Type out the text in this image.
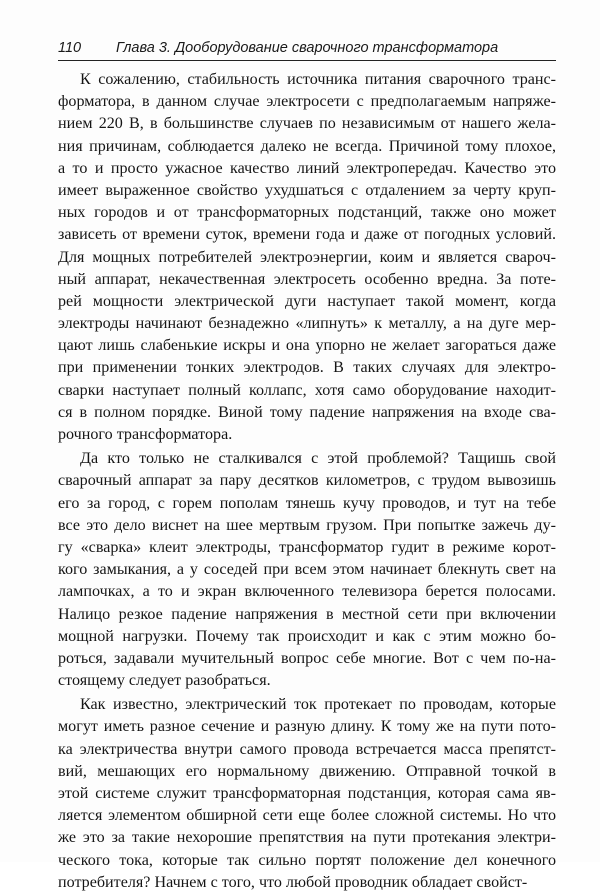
110 Глава 3. Дооборудование сварочного трансформатора
К сожалению, стабильность источника питания сварочного транс-
форматора, в данном случае электросети с предполагаемым напряже-
нием 220 В, в большинстве случаев по независимым от нашего жела-
ния причинам, соблюдается далеко не всегда. Причиной тому плохое,
а то и просто ужасное качество линий электропередач. Качество это
имеет выраженное свойство ухудшаться с отдалением за черту круп-
ных городов и от трансформаторных подстанций, также оно может
зависеть от времени суток, времени года и даже от погодных условий.
Для мощных потребителей электроэнергии, коим и является свароч-
ный аппарат, некачественная электросеть особенно вредна. За поте-
рей мощности электрической дуги наступает такой момент, когда
электроды начинают безнадежно «липнуть» к металлу, а на дуге мер-
цают лишь слабенькие искры и она упорно не желает загораться даже
при применении тонких электродов. В таких случаях для электро-
сварки наступает полный коллапс, хотя само оборудование находит-
ся в полном порядке. Виной тому падение напряжения на входе сва-
рочного трансформатора.
Да кто только не сталкивался с этой проблемой? Тащишь свой
сварочный аппарат за пару десятков километров, с трудом вывозишь
его за город, с горем пополам тянешь кучу проводов, и тут на тебе
все это дело виснет на шее мертвым грузом. При попытке зажечь ду-
гу «сварка» клеит электроды, трансформатор гудит в режиме корот-
кого замыкания, а у соседей при всем этом начинает блекнуть свет на
лампочках, а то и экран включенного телевизора берется полосами.
Налицо резкое падение напряжения в местной сети при включении
мощной нагрузки. Почему так происходит и как с этим можно бо-
роться, задавали мучительный вопрос себе многие. Вот с чем по-на-
стоящему следует разобраться.
Как известно, электрический ток протекает по проводам, которые
могут иметь разное сечение и разную длину. К тому же на пути пото-
ка электричества внутри самого провода встречается масса препятст-
вий, мешающих его нормальному движению. Отправной точкой в
этой системе служит трансформаторная подстанция, которая сама яв-
ляется элементом обширной сети еще более сложной системы. Но что
же это за такие нехорошие препятствия на пути протекания электри-
ческого тока, которые так сильно портят положение дел конечного
потребителя? Начнем с того, что любой проводник обладает свойст-
